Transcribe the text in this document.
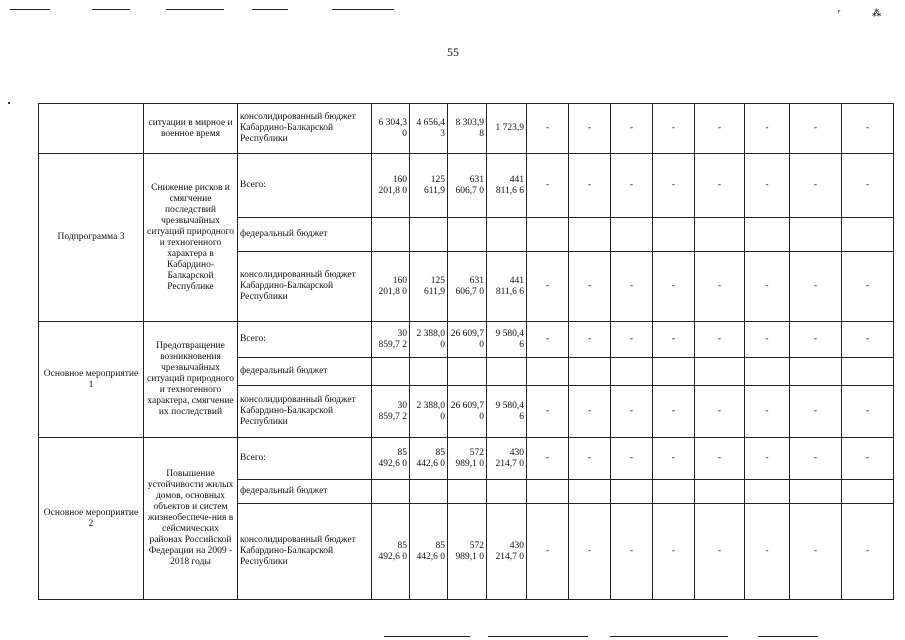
ʳ	⁂
55
	ситуации в мирное и военное время	консолидированный бюджет Кабардино-Балкарской Республики	6 304,3 0	4 656,4 3	8 303,9 8	1 723,9	-	-	-	-	-	-	-	-
Подпрограмма 3	Снижение рисков и смягчение последствий чрезвычайных ситуаций природного и техногенного характера в Кабардино-Балкарской Республике	Всего:	160 201,8 0	125 611,9	631 606,7 0	441 811,6 6	-	-	-	-	-	-	-	-
		федеральный бюджет												
		консолидированный бюджет Кабардино-Балкарской Республики	160 201,8 0	125 611,9	631 606,7 0	441 811,6 6	-	-	-	-	-	-	-	-
Основное мероприятие 1	Предотвращение возникновения чрезвычайных ситуаций природного и техногенного характера, смягчение их последствий	Всего:	30 859,7 2	2 388,0 0	26 609,7 0	9 580,4 6	-	-	-	-	-	-	-	-
		федеральный бюджет												
		консолидированный бюджет Кабардино-Балкарской Республики	30 859,7 2	2 388,0 0	26 609,7 0	9 580,4 6	-	-	-	-	-	-	-	-
Основное мероприятие 2	Повышение устойчивости жилых домов, основных объектов и систем жизнеобеспече-ния в сейсмических районах Российской Федерации на 2009 - 2018 годы	Всего:	85 492,6 0	85 442,6 0	572 989,1 0	430 214,7 0	-	-	-	-	-	-	-	-
		федеральный бюджет												
		консолидированный бюджет Кабардино-Балкарской Республики	85 492,6 0	85 442,6 0	572 989,1 0	430 214,7 0	-	-	-	-	-	-	-	-
